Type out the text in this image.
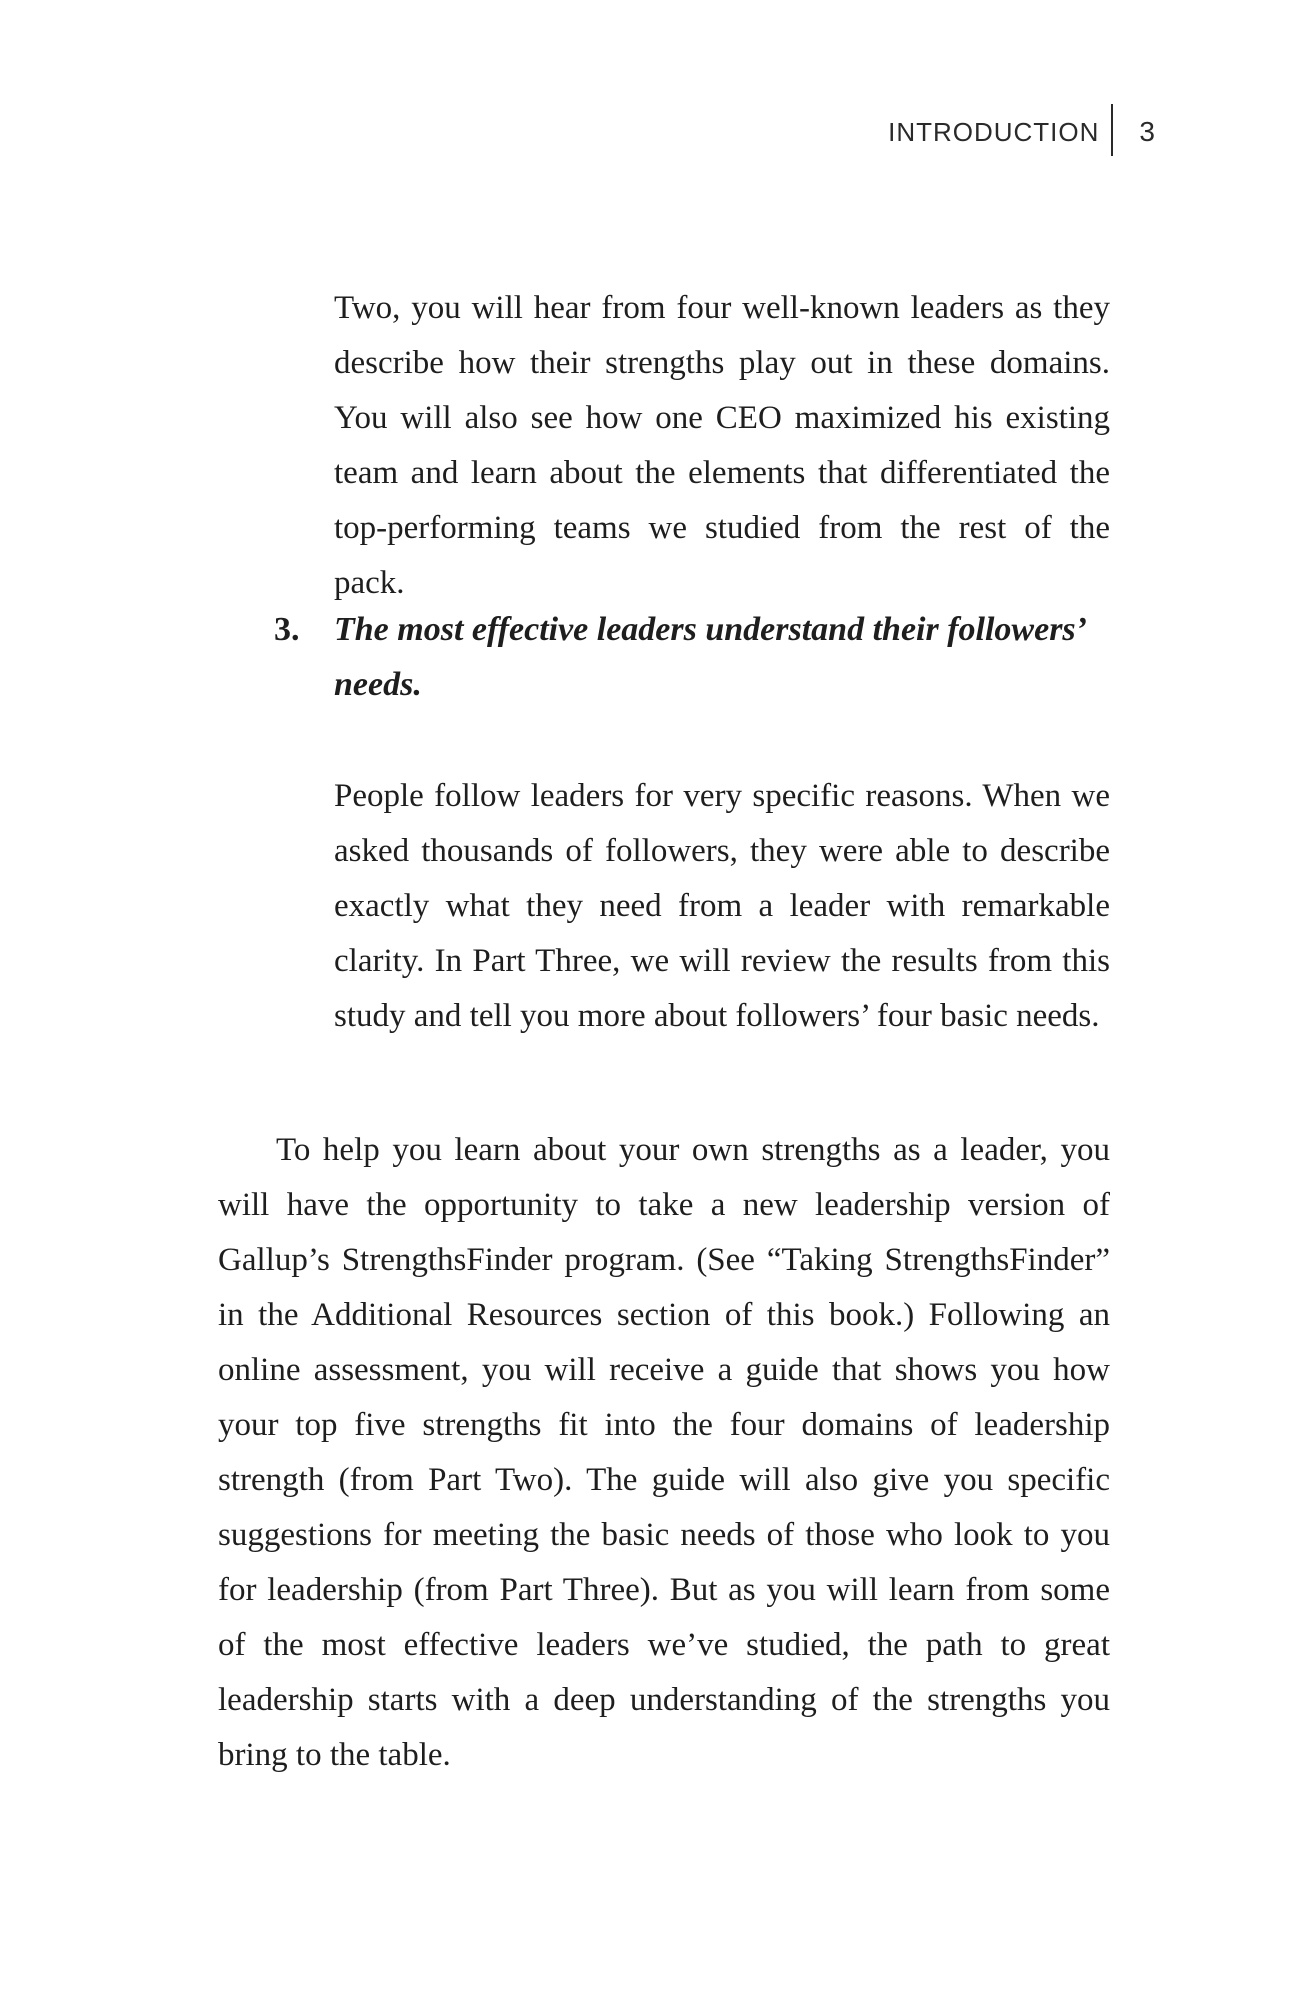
INTRODUCTION	3

Two, you will hear from four well-known leaders as they describe how their strengths play out in these domains. You will also see how one CEO maximized his existing team and learn about the elements that differentiated the top-performing teams we studied from the rest of the pack.

3. The most effective leaders understand their followers’ needs.

People follow leaders for very specific reasons. When we asked thousands of followers, they were able to describe exactly what they need from a leader with remarkable clarity. In Part Three, we will review the results from this study and tell you more about followers’ four basic needs.

To help you learn about your own strengths as a leader, you will have the opportunity to take a new leadership version of Gallup’s StrengthsFinder program. (See “Taking StrengthsFinder” in the Additional Resources section of this book.) Following an online assessment, you will receive a guide that shows you how your top five strengths fit into the four domains of leadership strength (from Part Two). The guide will also give you specific suggestions for meeting the basic needs of those who look to you for leadership (from Part Three). But as you will learn from some of the most effective leaders we’ve studied, the path to great leadership starts with a deep understanding of the strengths you bring to the table.
